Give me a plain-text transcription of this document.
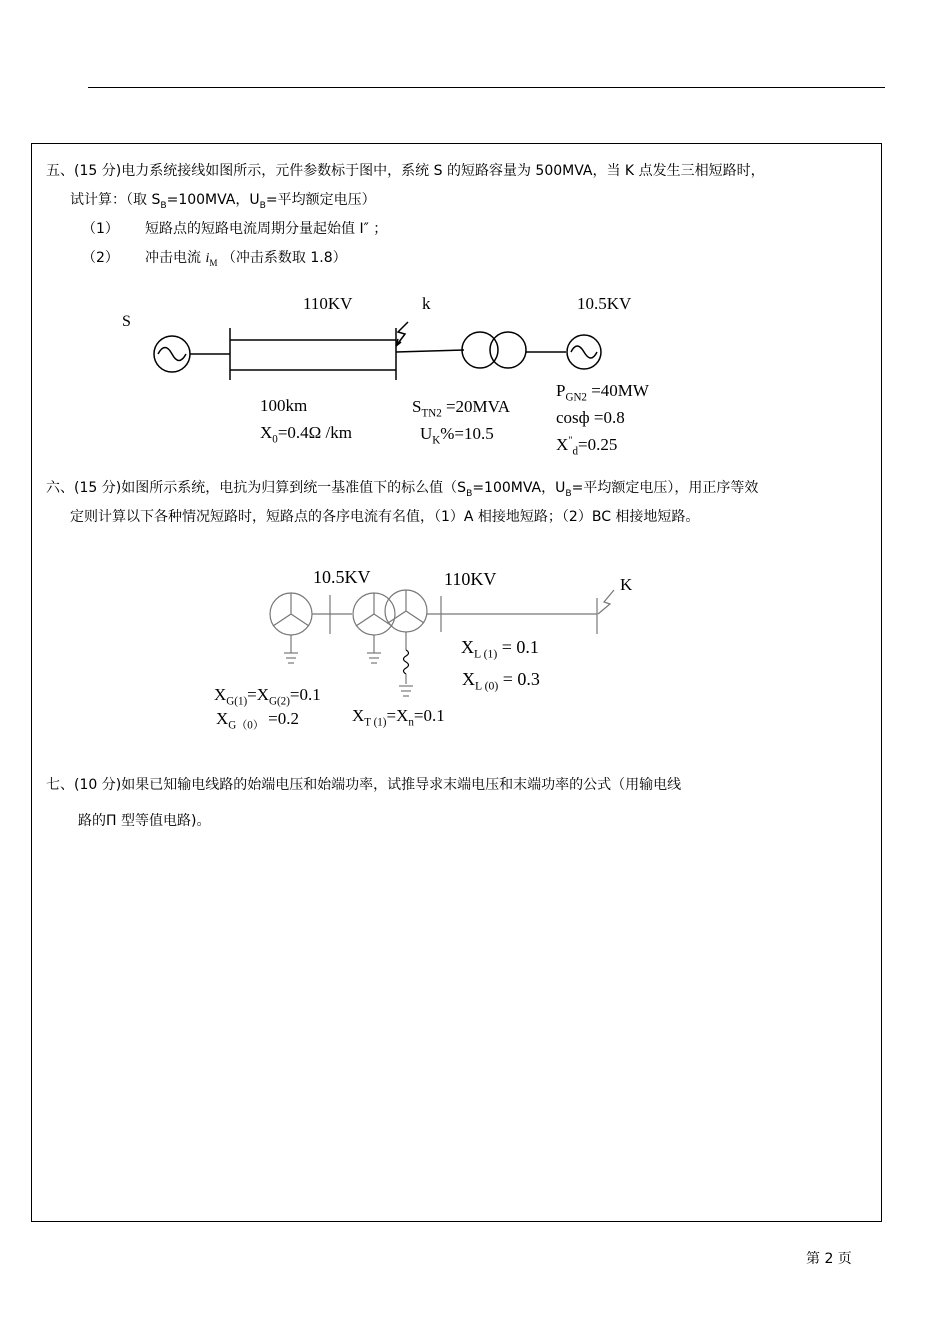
五、(15 分)电力系统接线如图所示，元件参数标于图中，系统 S 的短路容量为 500MVA，当 K 点发生三相短路时，
试计算：（取 $S_B=100MVA$，$U_B=$平均额定电压）
（1） 短路点的短路电流周期分量起始值 I″ ；
（2） 冲击电流 $i_M$ （冲击系数取 1.8）
S
110KV	k	10.5KV
100km
$X_0=0.4\Omega$ /km
$S_{TN2} =20MVA$
$U_K\%=10.5$
$P_{GN2} =40MW$
cosф =0.8
$X^"_d=0.25$
六、(15 分)如图所示系统，电抗为归算到统一基准值下的标么值（$S_B=100MVA$，$U_B=$平均额定电压），用正序等效
定则计算以下各种情况短路时，短路点的各序电流有名值，（1）A 相接地短路；（2）BC 相接地短路。
10.5KV	110KV	K
$X_{L (1)} = 0.1$
$X_{L (0)} = 0.3$
$X_{G(1)}=X_{G(2)}=0.1$
$X_{G(0)} =0.2$	$X_{T (1)}=X_n=0.1$
七、(10 分)如果已知输电线路的始端电压和始端功率，试推导求末端电压和末端功率的公式（用输电线
路的Π 型等值电路)。
第 2 页
